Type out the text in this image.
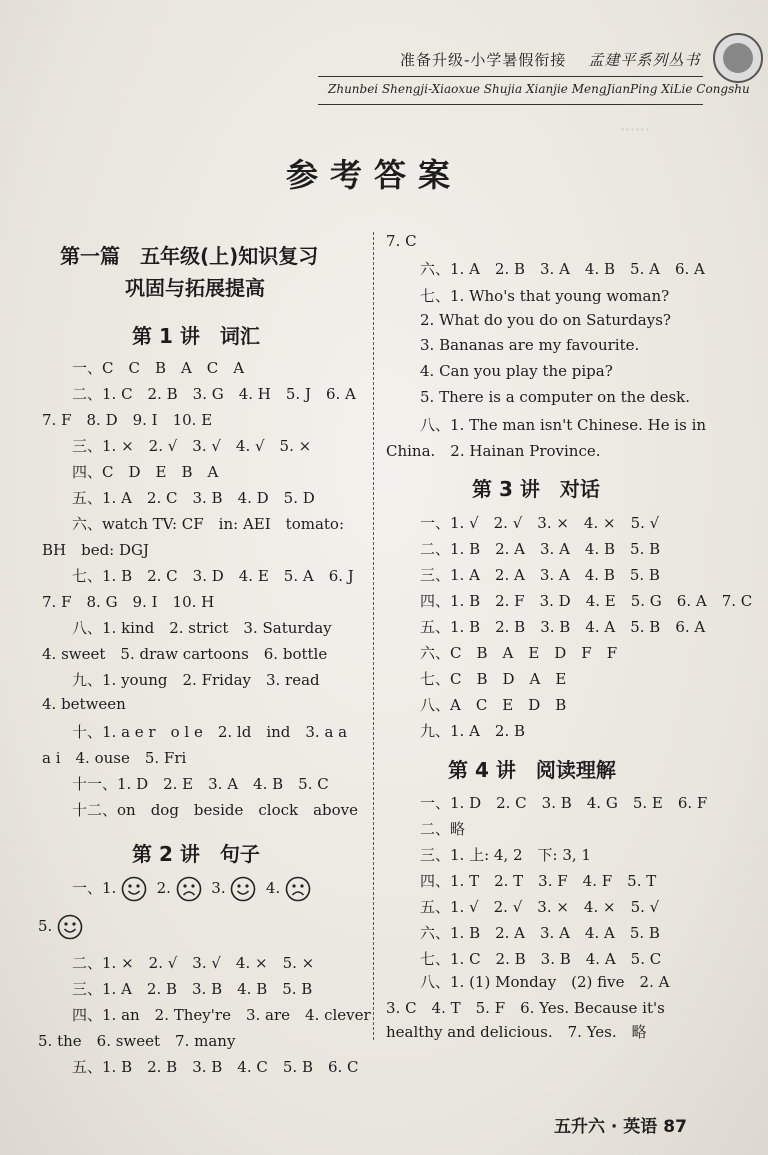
准备升级-小学暑假衔接 孟建平系列丛书
Zhunbei Shengji-Xiaoxue Shujia Xianjie MengJianPing XiLie Congshu
⋯⋯
参考答案
第一篇　五年级(上)知识复习
巩固与拓展提高
第 1 讲　词汇
一、C　C　B　A　C　A
二、1. C　2. B　3. G　4. H　5. J　6. A
7. F　8. D　9. I　10. E
三、1. ×　2. √　3. √　4. √　5. ×
四、C　D　E　B　A
五、1. A　2. C　3. B　4. D　5. D
六、watch TV: CF　in: AEI　tomato:
BH　bed: DGJ
七、1. B　2. C　3. D　4. E　5. A　6. J
7. F　8. G　9. I　10. H
八、1. kind　2. strict　3. Saturday
4. sweet　5. draw cartoons　6. bottle
九、1. young　2. Friday　3. read
4. between
十、1. a e r　o l e　2. ld　ind　3. a a
a i　4. ouse　5. Fri
十一、1. D　2. E　3. A　4. B　5. C
十二、on　dog　beside　clock　above
第 2 讲　句子
一、1.	2.	3.	4.
5.
二、1. ×　2. √　3. √　4. ×　5. ×
三、1. A　2. B　3. B　4. B　5. B
四、1. an　2. They're　3. are　4. clever
5. the　6. sweet　7. many
五、1. B　2. B　3. B　4. C　5. B　6. C
7. C
六、1. A　2. B　3. A　4. B　5. A　6. A
七、1. Who's that young woman?
2. What do you do on Saturdays?
3. Bananas are my favourite.
4. Can you play the pipa?
5. There is a computer on the desk.
八、1. The man isn't Chinese. He is in
China.　2. Hainan Province.
第 3 讲　对话
一、1. √　2. √　3. ×　4. ×　5. √
二、1. B　2. A　3. A　4. B　5. B
三、1. A　2. A　3. A　4. B　5. B
四、1. B　2. F　3. D　4. E　5. G　6. A　7. C
五、1. B　2. B　3. B　4. A　5. B　6. A
六、C　B　A　E　D　F　F
七、C　B　D　A　E
八、A　C　E　D　B
九、1. A　2. B
第 4 讲　阅读理解
一、1. D　2. C　3. B　4. G　5. E　6. F
二、略
三、1. 上: 4, 2　下: 3, 1
四、1. T　2. T　3. F　4. F　5. T
五、1. √　2. √　3. ×　4. ×　5. √
六、1. B　2. A　3. A　4. A　5. B
七、1. C　2. B　3. B　4. A　5. C
八、1. (1) Monday　(2) five　2. A
3. C　4. T　5. F　6. Yes. Because it's
healthy and delicious.　7. Yes.　略
五升六 · 英语 87
